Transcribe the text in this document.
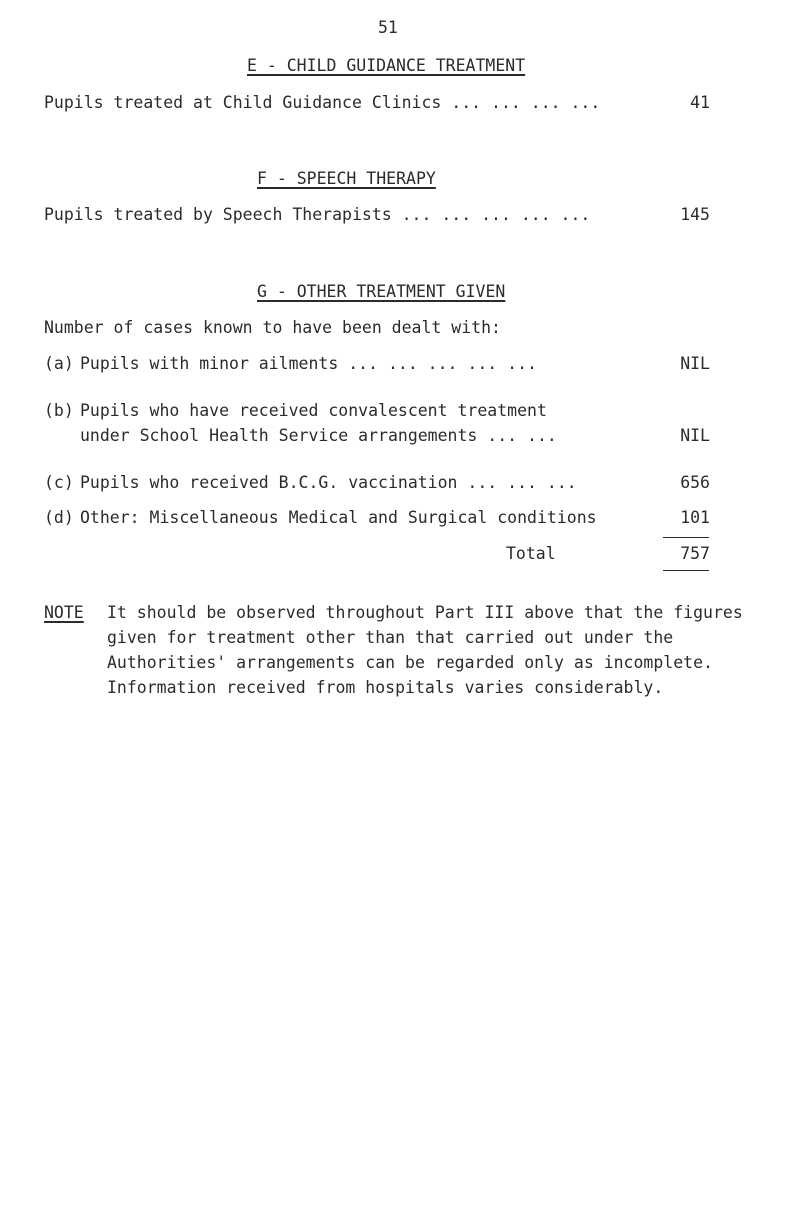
51
E - CHILD GUIDANCE TREATMENT
Pupils treated at Child Guidance Clinics ... ... ... ...	41
F - SPEECH THERAPY
Pupils treated by Speech Therapists ... ... ... ... ...	145
G - OTHER TREATMENT GIVEN
Number of cases known to have been dealt with:
(a) Pupils with minor ailments ... ... ... ... ...	NIL
(b) Pupils who have received convalescent treatment
under School Health Service arrangements ... ...	NIL
(c) Pupils who received B.C.G. vaccination ... ... ...	656
(d) Other: Miscellaneous Medical and Surgical conditions	101
Total	757
NOTE It should be observed throughout Part III above that the figures
given for treatment other than that carried out under the
Authorities' arrangements can be regarded only as incomplete.
Information received from hospitals varies considerably.
